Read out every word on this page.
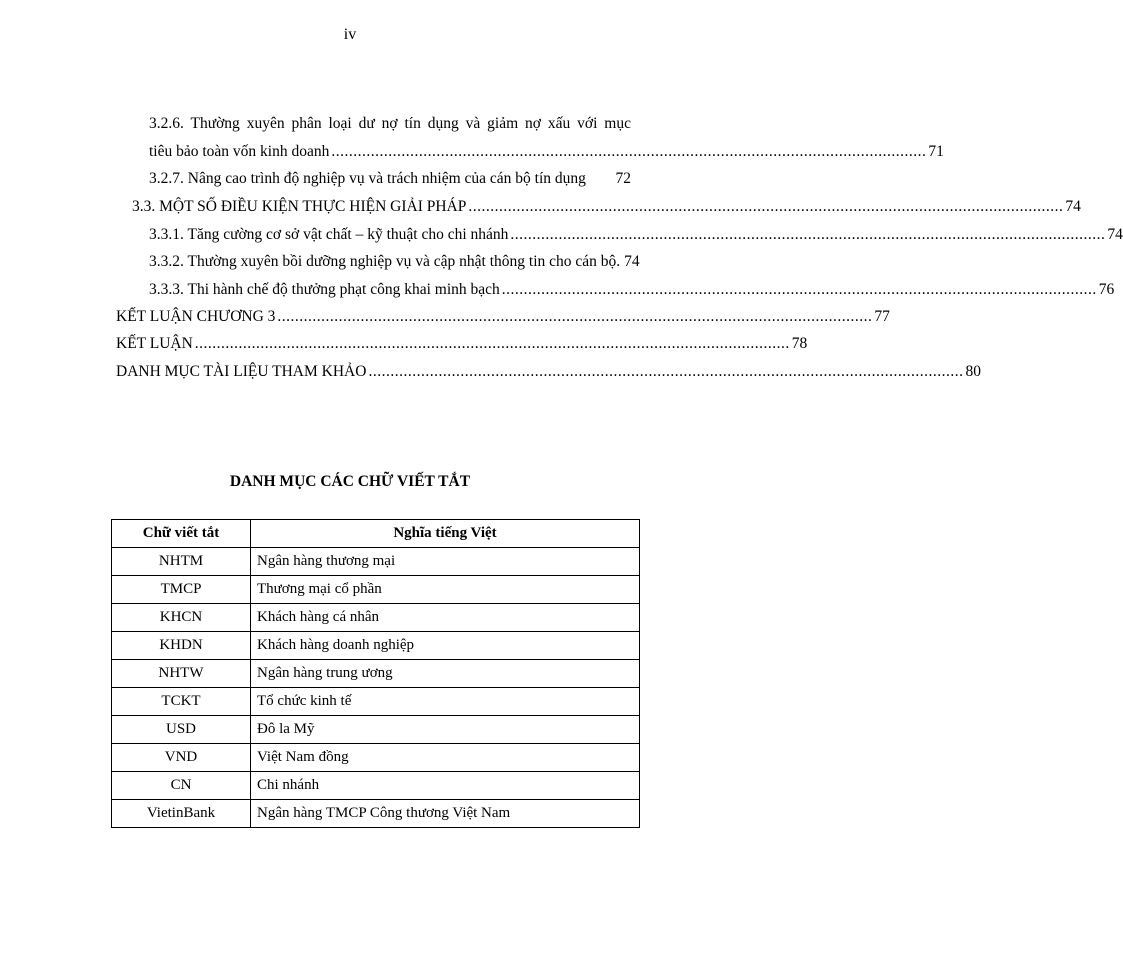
iv
3.2.6. Thường xuyên phân loại dư nợ tín dụng và giảm nợ xấu với mục
tiêu bảo toàn vốn kinh doanh ........................................................................................................................................ 71
3.2.7. Nâng cao trình độ nghiệp vụ và trách nhiệm của cán bộ tín dụng 72
3.3. MỘT SỐ ĐIỀU KIỆN THỰC HIỆN GIẢI PHÁP ........................................................................................................................................ 74
3.3.1. Tăng cường cơ sở vật chất – kỹ thuật cho chi nhánh ........................................................................................................................................ 74
3.3.2. Thường xuyên bồi dưỡng nghiệp vụ và cập nhật thông tin cho cán bộ. 74
3.3.3. Thi hành chế độ thưởng phạt công khai minh bạch ........................................................................................................................................ 76
KẾT LUẬN CHƯƠNG 3 ........................................................................................................................................ 77
KẾT LUẬN ........................................................................................................................................ 78
DANH MỤC TÀI LIỆU THAM KHẢO ........................................................................................................................................ 80
DANH MỤC CÁC CHỮ VIẾT TẮT
Chữ viết tắt	Nghĩa tiếng Việt
NHTM	Ngân hàng thương mại
TMCP	Thương mại cổ phần
KHCN	Khách hàng cá nhân
KHDN	Khách hàng doanh nghiệp
NHTW	Ngân hàng trung ương
TCKT	Tổ chức kinh tế
USD	Đô la Mỹ
VND	Việt Nam đồng
CN	Chi nhánh
VietinBank	Ngân hàng TMCP Công thương Việt Nam
